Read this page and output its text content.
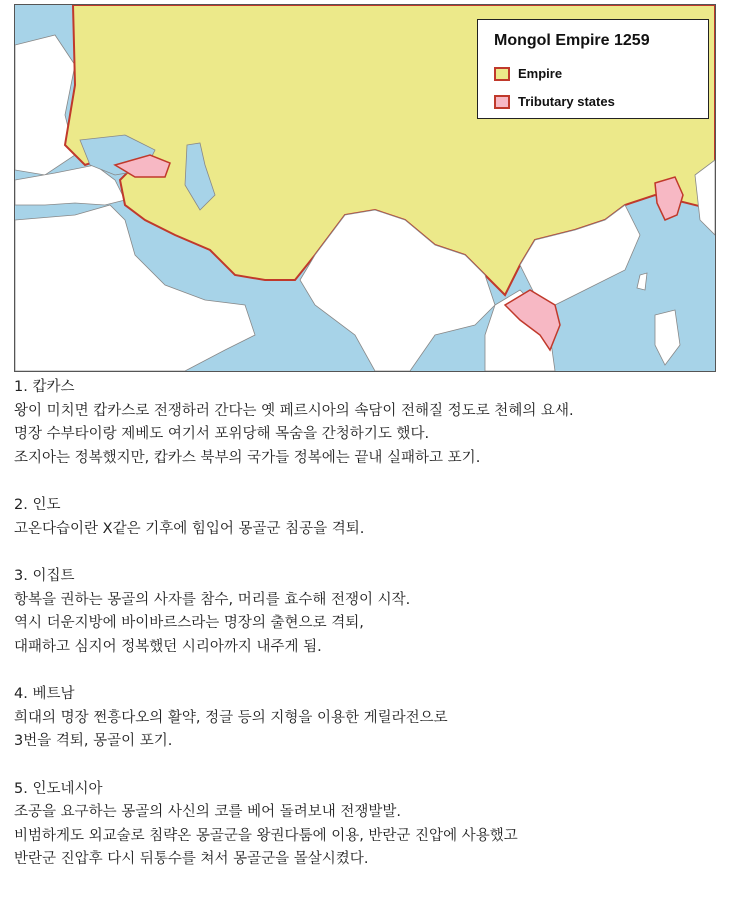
Mongol Empire 1259
Empire
Tributary states
1. 캅카스
왕이 미치면 캅카스로 전쟁하러 간다는 옛 페르시아의 속담이 전해질 정도로 천혜의 요새.
명장 수부타이랑 제베도 여기서 포위당해 목숨을 간청하기도 했다.
조지아는 정복했지만, 캅카스 북부의 국가들 정복에는 끝내 실패하고 포기.
2. 인도
고온다습이란 X같은 기후에 힘입어 몽골군 침공을 격퇴.
3. 이집트
항복을 권하는 몽골의 사자를 참수, 머리를 효수해 전쟁이 시작.
역시 더운지방에 바이바르스라는 명장의 출현으로 격퇴,
대패하고 심지어 정복했던 시리아까지 내주게 됨.
4. 베트남
희대의 명장 쩐흥다오의 활약, 정글 등의 지형을 이용한 게릴라전으로
3번을 격퇴, 몽골이 포기.
5. 인도네시아
조공을 요구하는 몽골의 사신의 코를 베어 돌려보내 전쟁발발.
비범하게도 외교술로 침략온 몽골군을 왕권다툼에 이용, 반란군 진압에 사용했고
반란군 진압후 다시 뒤통수를 쳐서 몽골군을 몰살시켰다.
